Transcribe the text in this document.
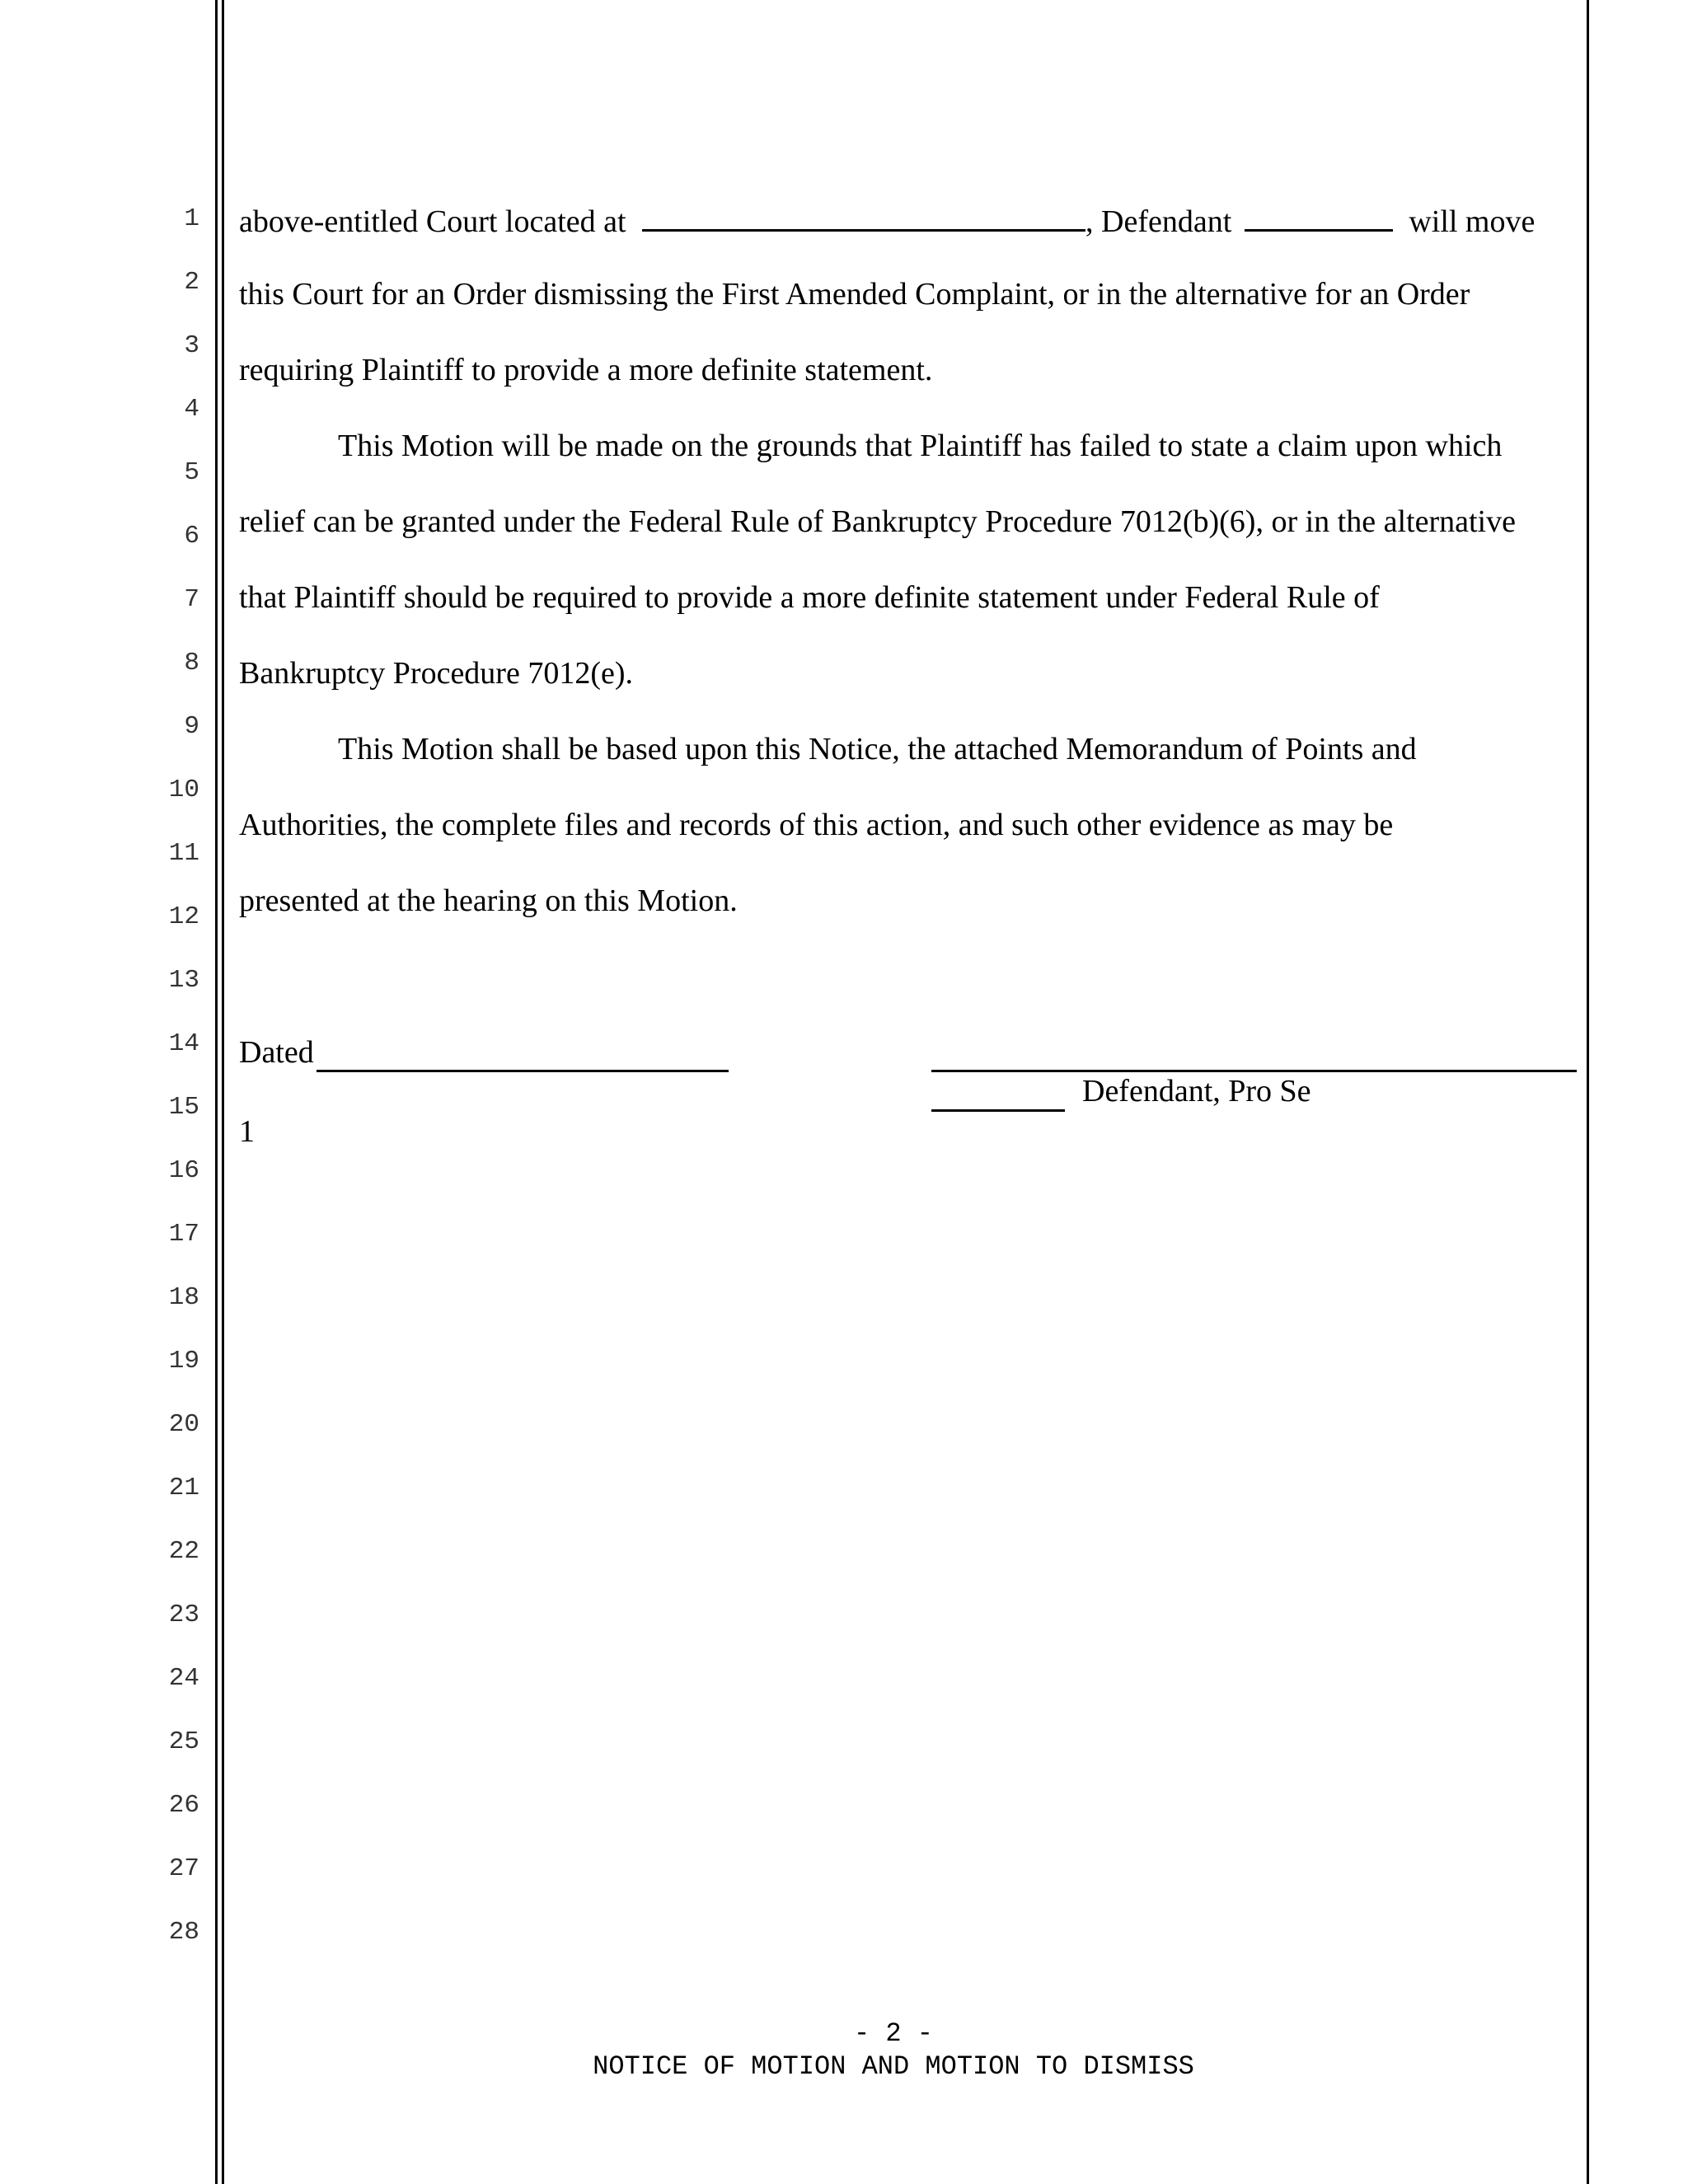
1
2
3
4
5
6
7
8
9
10
11
12
13
14
15
16
17
18
19
20
21
22
23
24
25
26
27
28
above-entitled Court located at	, Defendant	will move
this Court for an Order dismissing the First Amended Complaint, or in the alternative for an Order
requiring Plaintiff to provide a more definite statement.
This Motion will be made on the grounds that Plaintiff has failed to state a claim upon which
relief can be granted under the Federal Rule of Bankruptcy Procedure 7012(b)(6), or in the alternative
that Plaintiff should be required to provide a more definite statement under Federal Rule of
Bankruptcy Procedure 7012(e).
This Motion shall be based upon this Notice, the attached Memorandum of Points and
Authorities, the complete files and records of this action, and such other evidence as may be
presented at the hearing on this Motion.
Dated
Defendant, Pro Se
1
- 2 -
NOTICE OF MOTION AND MOTION TO DISMISS
